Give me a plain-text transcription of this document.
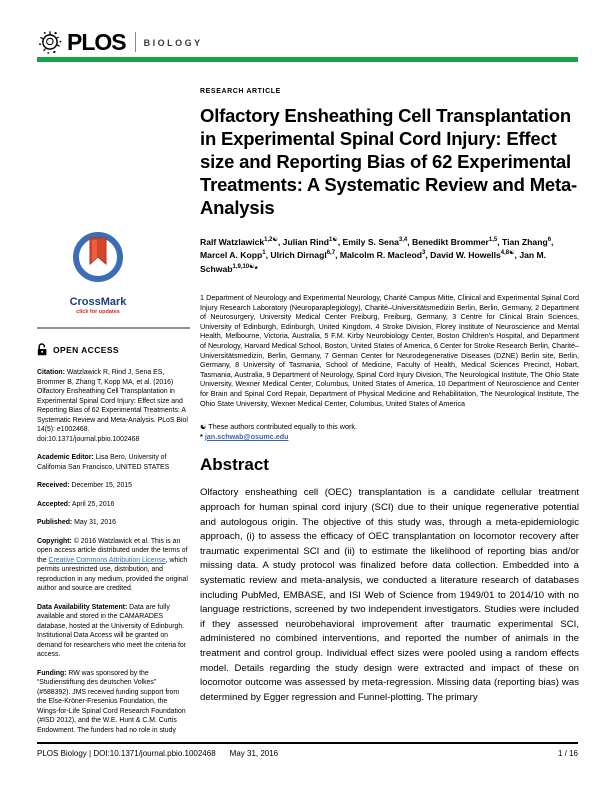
PLOS BIOLOGY
CrossMark
click for updates
OPEN ACCESS

Citation: Watzlawick R, Rind J, Sena ES, Brommer B, Zhang T, Kopp MA, et al. (2016) Olfactory Ensheathing Cell Transplantation in Experimental Spinal Cord Injury: Effect size and Reporting Bias of 62 Experimental Treatments: A Systematic Review and Meta-Analysis. PLoS Biol 14(5): e1002468. doi:10.1371/journal.pbio.1002468

Academic Editor: Lisa Bero, University of California San Francisco, UNITED STATES

Received: December 15, 2015

Accepted: April 25, 2016

Published: May 31, 2016

Copyright: © 2016 Watzlawick et al. This is an open access article distributed under the terms of the Creative Commons Attribution License, which permits unrestricted use, distribution, and reproduction in any medium, provided the original author and source are credited.

Data Availability Statement: Data are fully available and stored in the CAMARADES database, hosted at the University of Edinburgh. Institutional Data Access will be granted on demand for researchers who meet the criteria for access.

Funding: RW was sponsored by the “Studienstiftung des deutschen Volkes” (#588392). JMS received funding support from the Else-Kröner-Fresenius Foundation, the Wings-for-Life Spinal Cord Research Foundation (#ISD 2012), and the W.E. Hunt & C.M. Curtis Endowment. The funders had no role in study

RESEARCH ARTICLE

Olfactory Ensheathing Cell Transplantation in Experimental Spinal Cord Injury: Effect size and Reporting Bias of 62 Experimental Treatments: A Systematic Review and Meta-Analysis

Ralf Watzlawick$^{1,2☯}$, Julian Rind$^{1☯}$, Emily S. Sena$^{3,4}$, Benedikt Brommer$^{1,5}$, Tian Zhang$^6$, Marcel A. Kopp$^1$, Ulrich Dirnagl$^{6,7}$, Malcolm R. Macleod$^3$, David W. Howells$^{4,8☯}$, Jan M. Schwab$^{1,9,10☯}$*

1 Department of Neurology and Experimental Neurology, Charité Campus Mitte, Clinical and Experimental Spinal Cord Injury Research Laboratory (Neuroparaplegiology), Charité–Universitätsmedizin Berlin, Berlin, Germany, 2 Department of Neurosurgery, University Medical Center Freiburg, Freiburg, Germany, 3 Centre for Clinical Brain Sciences, University of Edinburgh, Edinburgh, United Kingdom, 4 Stroke Division, Florey Institute of Neuroscience and Mental Health, Melbourne, Victoria, Australia, 5 F.M. Kirby Neurobiology Center, Boston Children's Hospital, and Department of Neurology, Harvard Medical School, Boston, United States of America, 6 Center for Stroke Research Berlin, Charité–Universitätsmedizin, Berlin, Germany, 7 German Center for Neurodegenerative Diseases (DZNE) Berlin site, Berlin, Germany, 8 University of Tasmania, School of Medicine, Faculty of Health, Medical Sciences Precinct, Hobart, Tasmania, Australia, 9 Department of Neurology, Spinal Cord Injury Division, The Neurological Institute, The Ohio State University, Wexner Medical Center, Columbus, United States of America, 10 Department of Neuroscience and Center for Brain and Spinal Cord Repair, Department of Physical Medicine and Rehabilitation, The Neurological Institute, The Ohio State University, Wexner Medical Center, Columbus, United States of America

☯ These authors contributed equally to this work.

* jan.schwab@osumc.edu

Abstract

Olfactory ensheathing cell (OEC) transplantation is a candidate cellular treatment approach for human spinal cord injury (SCI) due to their unique regenerative potential and autologous origin. The objective of this study was, through a meta-epidemiologic approach, (i) to assess the efficacy of OEC transplantation on locomotor recovery after traumatic experimental SCI and (ii) to estimate the likelihood of reporting bias and/or missing data. A study protocol was finalized before data collection. Embedded into a systematic review and meta-analysis, we conducted a literature research of databases including PubMed, EMBASE, and ISI Web of Science from 1949/01 to 2014/10 with no language restrictions, screened by two independent investigators. Studies were included if they assessed neurobehavioral improvement after traumatic experimental SCI, administered no combined interventions, and reported the number of animals in the treatment and control group. Individual effect sizes were pooled using a random effects model. Details regarding the study design were extracted and impact of these on locomotor outcome was assessed by meta-regression. Missing data (reporting bias) was determined by Egger regression and Funnel-plotting. The primary

PLOS Biology | DOI:10.1371/journal.pbio.1002468 May 31, 2016	1 / 16
